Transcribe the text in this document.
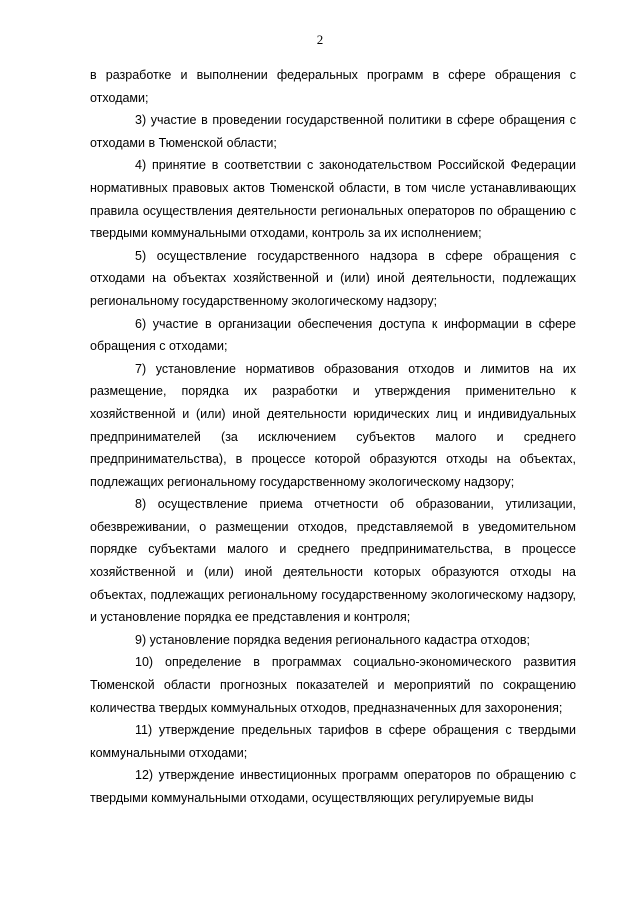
2

в разработке и выполнении федеральных программ в сфере обращения с отходами;

3) участие в проведении государственной политики в сфере обращения с отходами в Тюменской области;

4) принятие в соответствии с законодательством Российской Федерации нормативных правовых актов Тюменской области, в том числе устанавливающих правила осуществления деятельности региональных операторов по обращению с твердыми коммунальными отходами, контроль за их исполнением;

5) осуществление государственного надзора в сфере обращения с отходами на объектах хозяйственной и (или) иной деятельности, подлежащих региональному государственному экологическому надзору;

6) участие в организации обеспечения доступа к информации в сфере обращения с отходами;

7) установление нормативов образования отходов и лимитов на их размещение, порядка их разработки и утверждения применительно к хозяйственной и (или) иной деятельности юридических лиц и индивидуальных предпринимателей (за исключением субъектов малого и среднего предпринимательства), в процессе которой образуются отходы на объектах, подлежащих региональному государственному экологическому надзору;

8) осуществление приема отчетности об образовании, утилизации, обезвреживании, о размещении отходов, представляемой в уведомительном порядке субъектами малого и среднего предпринимательства, в процессе хозяйственной и (или) иной деятельности которых образуются отходы на объектах, подлежащих региональному государственному экологическому надзору, и установление порядка ее представления и контроля;

9) установление порядка ведения регионального кадастра отходов;

10) определение в программах социально-экономического развития Тюменской области прогнозных показателей и мероприятий по сокращению количества твердых коммунальных отходов, предназначенных для захоронения;

11) утверждение предельных тарифов в сфере обращения с твердыми коммунальными отходами;

12) утверждение инвестиционных программ операторов по обращению с твердыми коммунальными отходами, осуществляющих регулируемые виды
